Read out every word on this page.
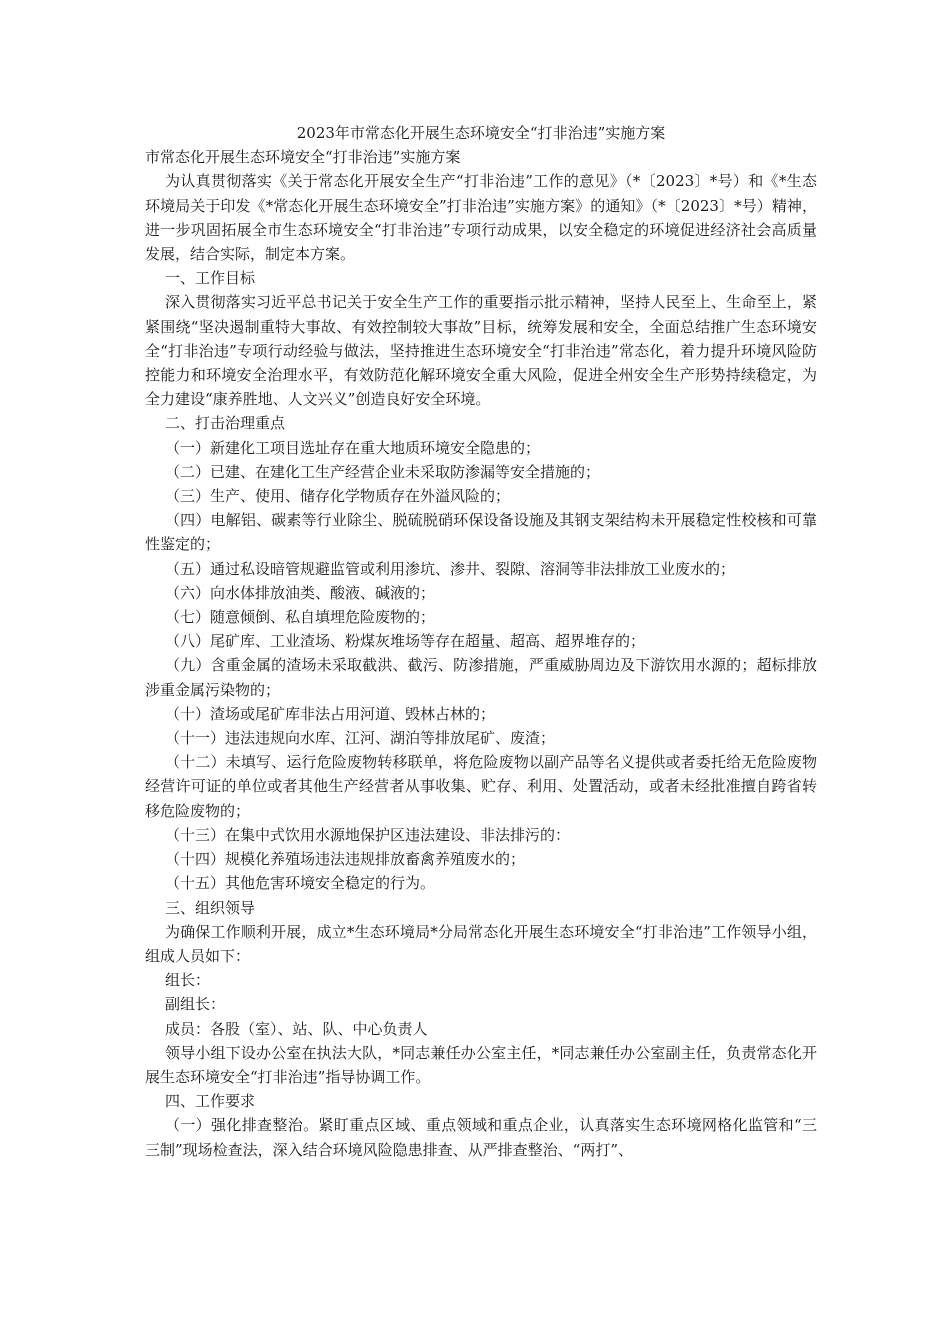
2023年市常态化开展生态环境安全“打非治违”实施方案

市常态化开展生态环境安全“打非治违”实施方案

为认真贯彻落实《关于常态化开展安全生产“打非治违”工作的意见》（*〔2023〕*号）和《*生态环境局关于印发《*常态化开展生态环境安全”打非治违”实施方案》的通知》（*〔2023〕*号）精神，进一步巩固拓展全市生态环境安全“打非治违”专项行动成果，以安全稳定的环境促进经济社会高质量发展，结合实际，制定本方案。

一、工作目标

深入贯彻落实习近平总书记关于安全生产工作的重要指示批示精神，坚持人民至上、生命至上，紧紧围绕“坚决遏制重特大事故、有效控制较大事故”目标，统筹发展和安全，全面总结推广生态环境安全“打非治违”专项行动经验与做法，坚持推进生态环境安全“打非治违”常态化，着力提升环境风险防控能力和环境安全治理水平，有效防范化解环境安全重大风险，促进全州安全生产形势持续稳定，为全力建设“康养胜地、人文兴义”创造良好安全环境。

二、打击治理重点

（一）新建化工项目选址存在重大地质环境安全隐患的；

（二）已建、在建化工生产经营企业未采取防渗漏等安全措施的；

（三）生产、使用、储存化学物质存在外溢风险的；

（四）电解铝、碳素等行业除尘、脱硫脱硝环保设备设施及其钢支架结构未开展稳定性校核和可靠性鉴定的；

（五）通过私设暗管规避监管或利用渗坑、渗井、裂隙、溶洞等非法排放工业废水的；

（六）向水体排放油类、酸液、碱液的；

（七）随意倾倒、私自填埋危险废物的；

（八）尾矿库、工业渣场、粉煤灰堆场等存在超量、超高、超界堆存的；

（九）含重金属的渣场未采取截洪、截污、防渗措施，严重威胁周边及下游饮用水源的；超标排放涉重金属污染物的；

（十）渣场或尾矿库非法占用河道、毁林占林的；

（十一）违法违规向水库、江河、湖泊等排放尾矿、废渣；

（十二）未填写、运行危险废物转移联单，将危险废物以副产品等名义提供或者委托给无危险废物经营许可证的单位或者其他生产经营者从事收集、贮存、利用、处置活动，或者未经批准擅自跨省转移危险废物的；

（十三）在集中式饮用水源地保护区违法建设、非法排污的：

（十四）规模化养殖场违法违规排放畜禽养殖废水的；

（十五）其他危害环境安全稳定的行为。

三、组织领导

为确保工作顺利开展，成立*生态环境局*分局常态化开展生态环境安全“打非治违”工作领导小组，组成人员如下：

组长：

副组长：

成员：各股（室）、站、队、中心负责人

领导小组下设办公室在执法大队，*同志兼任办公室主任，*同志兼任办公室副主任，负责常态化开展生态环境安全“打非治违”指导协调工作。

四、工作要求

（一）强化排查整治。紧盯重点区域、重点领域和重点企业，认真落实生态环境网格化监管和“三三制”现场检查法，深入结合环境风险隐患排查、从严排查整治、“两打”、
